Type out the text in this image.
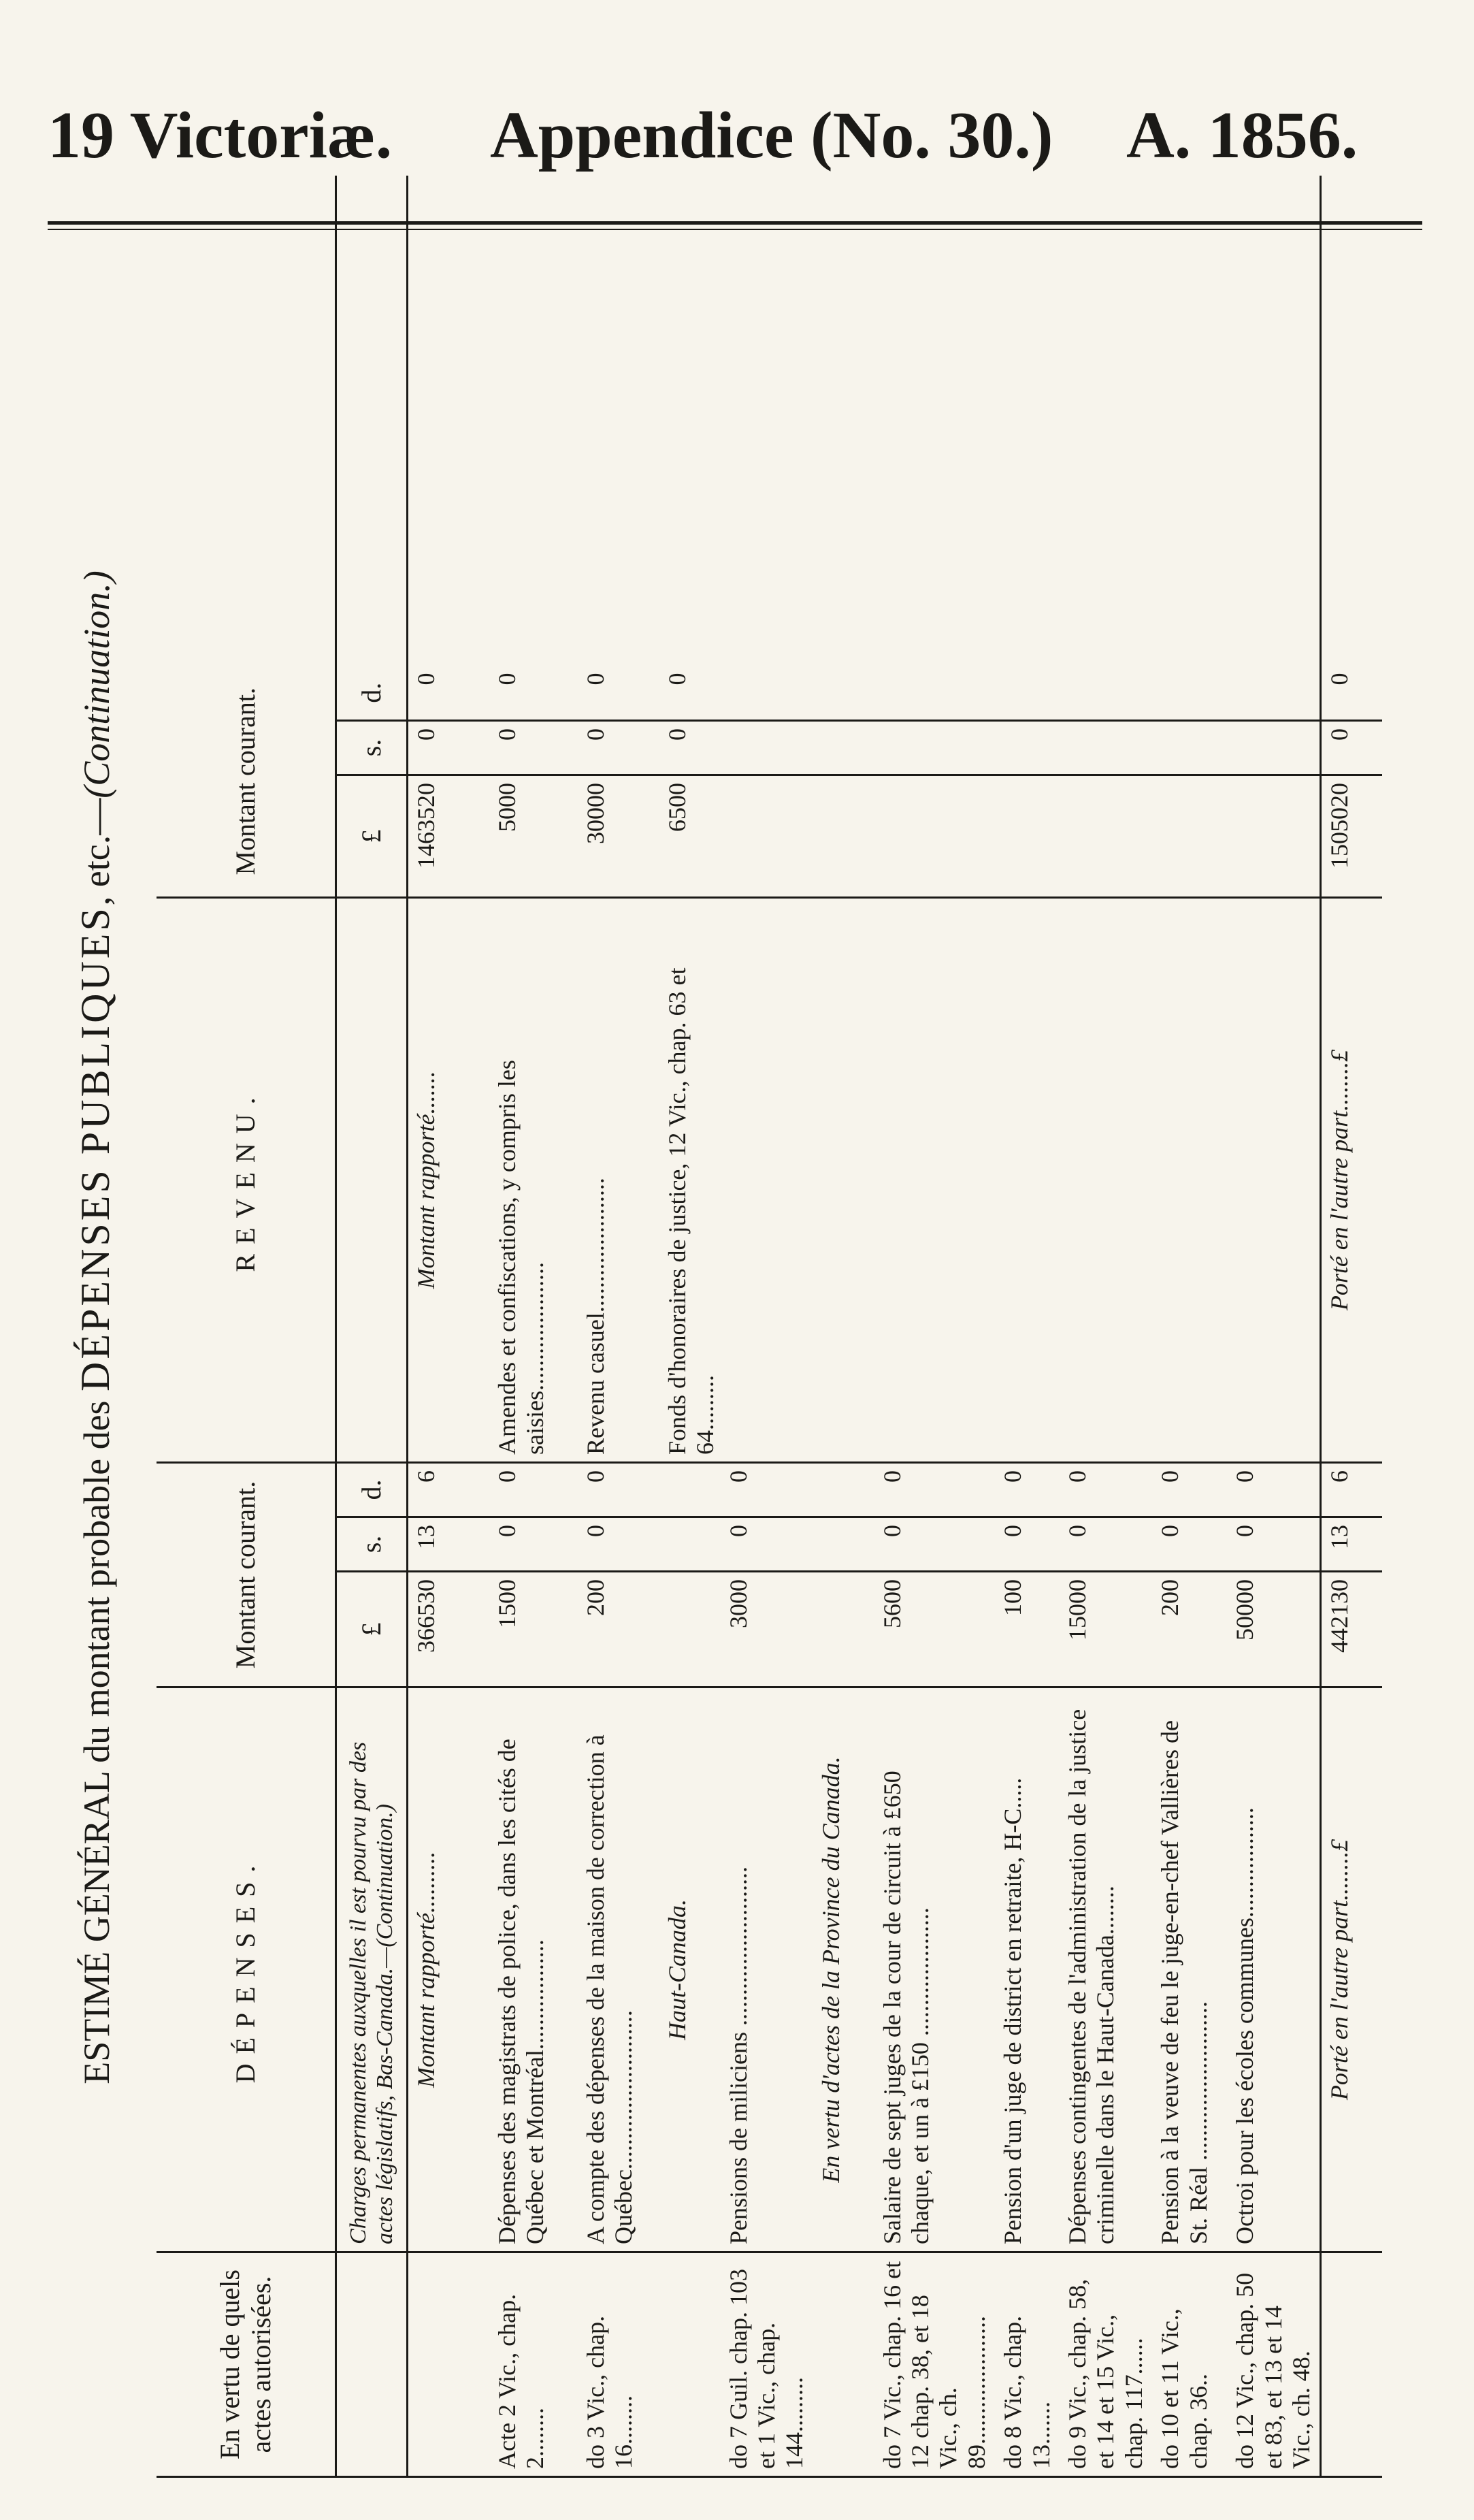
19 Victoriæ. Appendice (No. 30.) A. 1856.
ESTIMÉ GÉNÉRAL du montant probable des DÉPENSES PUBLIQUES, etc.—(Continuation.)
En vertu de quels actes autorisées.	DÉPENSES.	Montant courant.			REVENU.	Montant courant.			
	Charges permanentes auxquelles il est pourvu par des actes législatifs, Bas-Canada.—(Continuation.)	£	s.	d.		£	s.	d.	
	Montant rapporté..........	366530	13	6	Montant rapporté.......	1463520	0	0	
Acte 2 Vic., chap. 2........	Dépenses des magistrats de police, dans les cités de Québec et Montréal..................	1500	0	0	Amendes et confiscations, y compris les saisies.....................	5000	0	0	
do 3 Vic., chap. 16........	A compte des dépenses de la maison de correction à Québec..........................	200	0	0	Revenu casuel......................	30000	0	0	
	Haut-Canada.				Fonds d'honoraires de justice, 12 Vic., chap. 63 et 64.........	6500	0	0	
do 7 Guil. chap. 103 et 1 Vic., chap. 144.........	Pensions de miliciens ..........................	3000	0	0					
	En vertu d'actes de la Province du Canada.								
do 7 Vic., chap. 16 et 12 chap. 38, et 18 Vic., ch. 89.....................	Salaire de sept juges de la cour de circuit à £650 chaque, et un à £150 .....................	5600	0	0					
do 8 Vic., chap. 13.......	Pension d'un juge de district en retraite, H-C.....	100	0	0					
do 9 Vic., chap. 58, et 14 et 15 Vic., chap. 117......	Dépenses contingentes de l'administration de la justice criminelle dans le Haut-Canada........	15000	0	0					
do 10 et 11 Vic., chap. 36..	Pension à la veuve de feu le juge-en-chef Vallières de St. Réal ..........................	200	0	0					
do 12 Vic., chap. 50 et 83, et 13 et 14 Vic., ch. 48.	Octroi pour les écoles communes..................	50000	0	0					
	Porté en l'autre part........£	442130	13	6	Porté en l'autre part........£	1505020	0	0	
